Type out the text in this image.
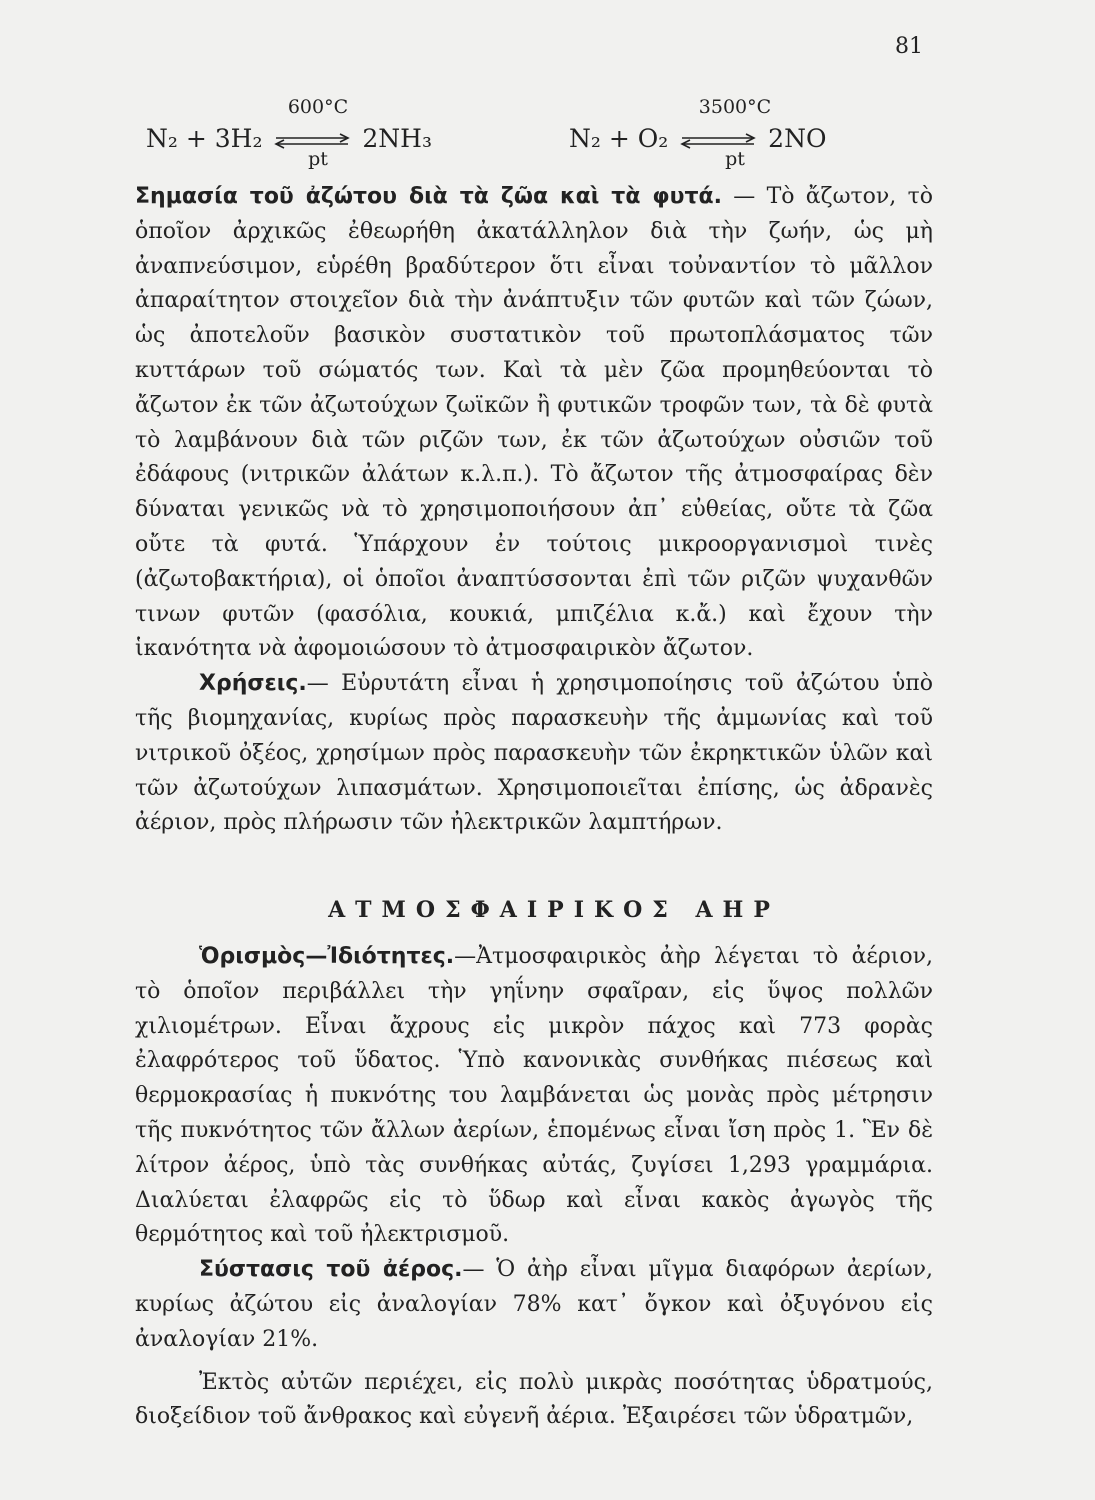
81
600°C
N₂ + 3H₂ ⇌ 2NH₃
pt
3500°C
N₂ + O₂ ⇌ 2NO
pt

Σημασία τοῦ ἀζώτου διὰ τὰ ζῶα καὶ τὰ φυτά. — Τὸ ἄζωτον, τὸ ὁποῖον ἀρχικῶς ἐθεωρήθη ἀκατάλληλον διὰ τὴν ζωήν, ὡς μὴ ἀναπνεύσιμον, εὑρέθη βραδύτερον ὅτι εἶναι τοὐναντίον τὸ μᾶλλον ἀπαραίτητον στοιχεῖον διὰ τὴν ἀνάπτυξιν τῶν φυτῶν καὶ τῶν ζώων, ὡς ἀποτελοῦν βασικὸν συστατικὸν τοῦ πρωτοπλάσματος τῶν κυττάρων τοῦ σώματός των. Καὶ τὰ μὲν ζῶα προμηθεύονται τὸ ἄζωτον ἐκ τῶν ἀζωτούχων ζωϊκῶν ἢ φυτικῶν τροφῶν των, τὰ δὲ φυτὰ τὸ λαμβάνουν διὰ τῶν ριζῶν των, ἐκ τῶν ἀζωτούχων οὐσιῶν τοῦ ἐδάφους (νιτρικῶν ἀλάτων κ.λ.π.). Τὸ ἄζωτον τῆς ἀτμοσφαίρας δὲν δύναται γενικῶς νὰ τὸ χρησιμοποιήσουν ἀπ᾽ εὐθείας, οὔτε τὰ ζῶα οὔτε τὰ φυτά. Ὑπάρχουν ἐν τούτοις μικροοργανισμοὶ τινὲς (ἀζωτοβακτήρια), οἱ ὁποῖοι ἀναπτύσσονται ἐπὶ τῶν ριζῶν ψυχανθῶν τινων φυτῶν (φασόλια, κουκιά, μπιζέλια κ.ἄ.) καὶ ἔχουν τὴν ἱκανότητα νὰ ἀφομοιώσουν τὸ ἀτμοσφαιρικὸν ἄζωτον.

Χρήσεις.— Εὐρυτάτη εἶναι ἡ χρησιμοποίησις τοῦ ἀζώτου ὑπὸ τῆς βιομηχανίας, κυρίως πρὸς παρασκευὴν τῆς ἀμμωνίας καὶ τοῦ νιτρικοῦ ὀξέος, χρησίμων πρὸς παρασκευὴν τῶν ἐκρηκτικῶν ὑλῶν καὶ τῶν ἀζωτούχων λιπασμάτων. Χρησιμοποιεῖται ἐπίσης, ὡς ἀδρανὲς ἀέριον, πρὸς πλήρωσιν τῶν ἠλεκτρικῶν λαμπτήρων.

ΑΤΜΟΣΦΑΙΡΙΚΟΣ ΑΗΡ

Ὁρισμὸς—Ἰδιότητες.—Ἀτμοσφαιρικὸς ἀὴρ λέγεται τὸ ἀέριον, τὸ ὁποῖον περιβάλλει τὴν γηΐνην σφαῖραν, εἰς ὕψος πολλῶν χιλιομέτρων. Εἶναι ἄχρους εἰς μικρὸν πάχος καὶ 773 φορὰς ἐλαφρότερος τοῦ ὕδατος. Ὑπὸ κανονικὰς συνθήκας πιέσεως καὶ θερμοκρασίας ἡ πυκνότης του λαμβάνεται ὡς μονὰς πρὸς μέτρησιν τῆς πυκνότητος τῶν ἄλλων ἀερίων, ἑπομένως εἶναι ἴση πρὸς 1. Ἓν δὲ λίτρον ἀέρος, ὑπὸ τὰς συνθήκας αὐτάς, ζυγίσει 1,293 γραμμάρια. Διαλύεται ἐλαφρῶς εἰς τὸ ὕδωρ καὶ εἶναι κακὸς ἀγωγὸς τῆς θερμότητος καὶ τοῦ ἠλεκτρισμοῦ.

Σύστασις τοῦ ἀέρος.— Ὁ ἀὴρ εἶναι μῖγμα διαφόρων ἀερίων, κυρίως ἀζώτου εἰς ἀναλογίαν 78% κατ᾽ ὄγκον καὶ ὀξυγόνου εἰς ἀναλογίαν 21%.

Ἐκτὸς αὐτῶν περιέχει, εἰς πολὺ μικρὰς ποσότητας ὑδρατμούς, διοξείδιον τοῦ ἄνθρακος καὶ εὐγενῆ ἀέρια. Ἐξαιρέσει τῶν ὑδρατμῶν,
